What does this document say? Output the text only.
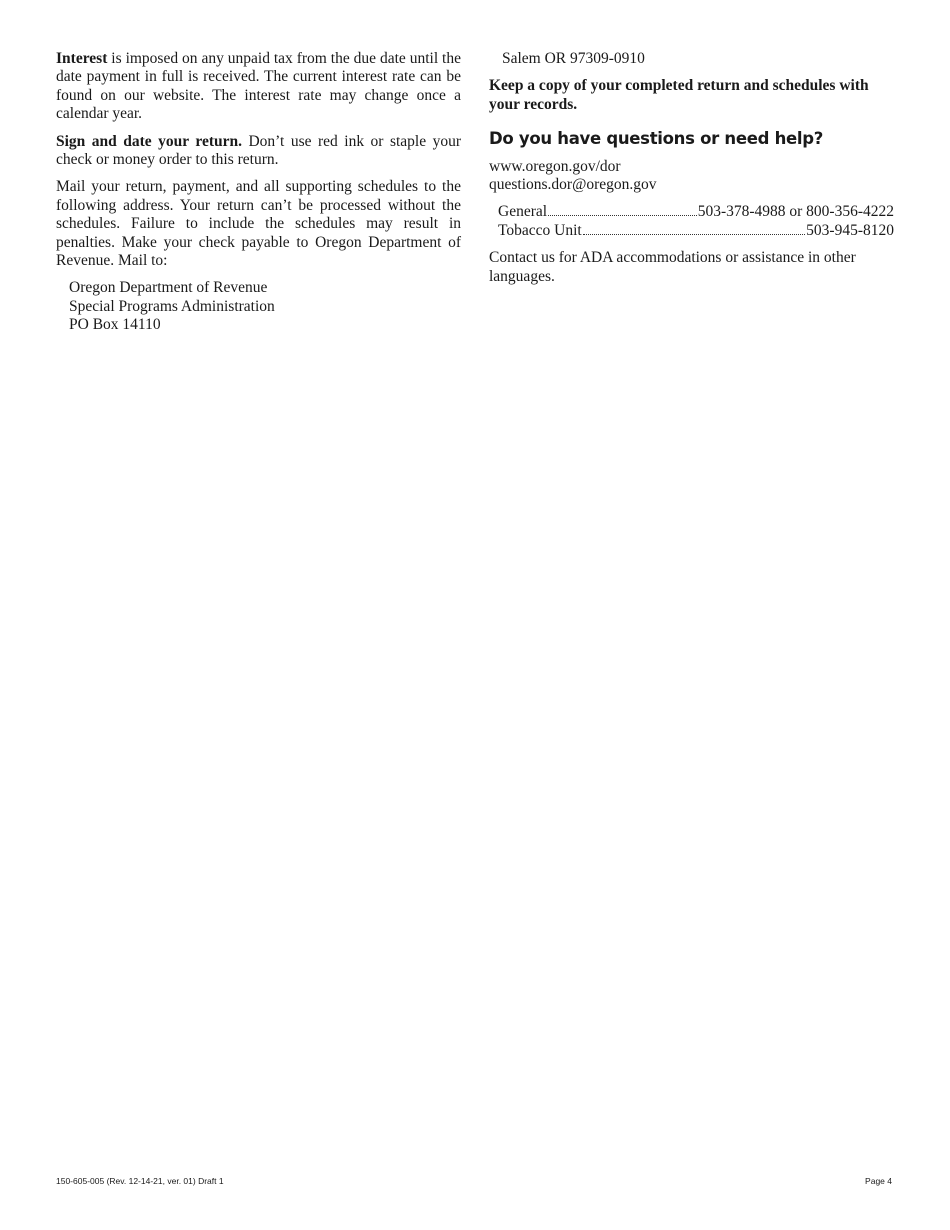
Interest is imposed on any unpaid tax from the due date until the date payment in full is received. The current interest rate can be found on our website. The interest rate may change once a calendar year.

Sign and date your return. Don’t use red ink or staple your check or money order to this return.

Mail your return, payment, and all supporting schedules to the following address. Your return can’t be processed without the schedules. Failure to include the schedules may result in penalties. Make your check payable to Oregon Department of Revenue. Mail to:

Oregon Department of Revenue
Special Programs Administration
PO Box 14110
Salem OR 97309-0910

Keep a copy of your completed return and schedules with your records.

Do you have questions or need help?
www.oregon.gov/dor
questions.dor@oregon.gov
General	503-378-4988 or 800-356-4222
Tobacco Unit	503-945-8120

Contact us for ADA accommodations or assistance in other languages.

150-605-005 (Rev. 12-14-21, ver. 01) Draft 1	Page 4
